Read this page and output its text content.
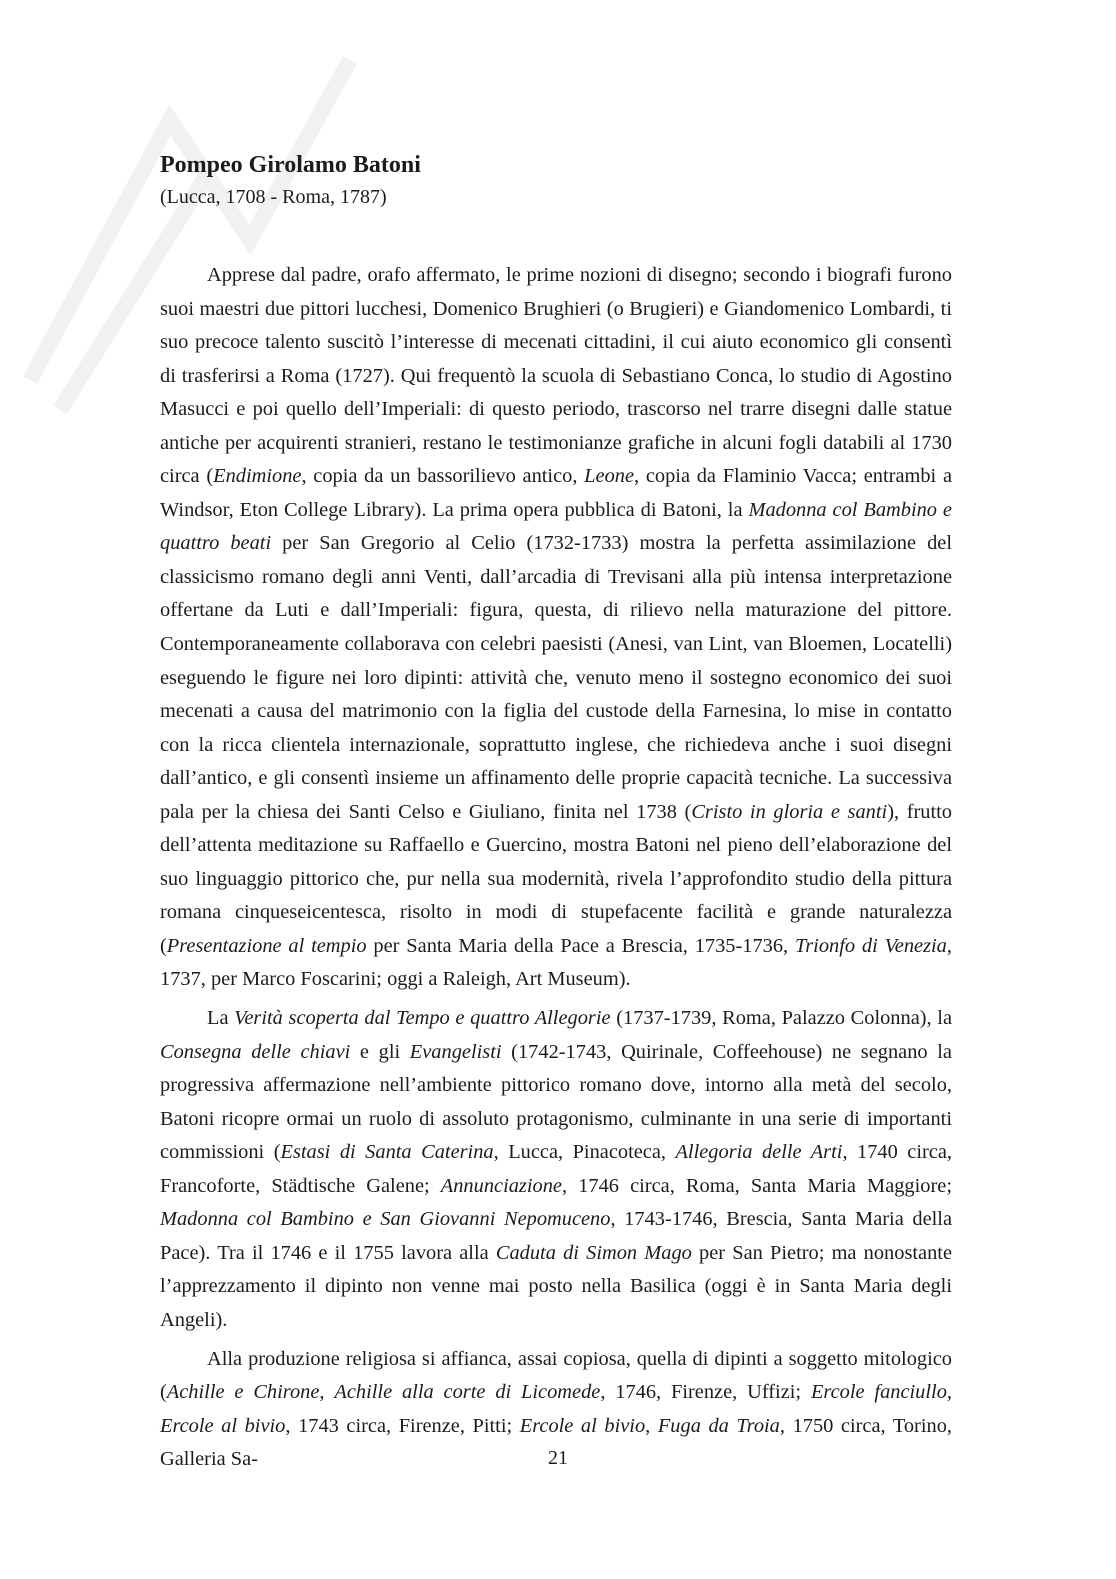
Pompeo Girolamo Batoni

(Lucca, 1708 - Roma, 1787)

Apprese dal padre, orafo affermato, le prime nozioni di disegno; secondo i biografi furono suoi maestri due pittori lucchesi, Domenico Brughieri (o Brugieri) e Giandomenico Lombardi, ti suo precoce talento suscitò l’interesse di mecenati cittadini, il cui aiuto economico gli consentì di trasferirsi a Roma (1727). Qui frequentò la scuola di Sebastiano Conca, lo studio di Agostino Masucci e poi quello dell’Imperiali: di questo periodo, trascorso nel trarre disegni dalle statue antiche per acquirenti stranieri, restano le testimonianze grafiche in alcuni fogli databili al 1730 circa (Endimione, copia da un bassorilievo antico, Leone, copia da Flaminio Vacca; entrambi a Windsor, Eton College Library). La prima opera pubblica di Batoni, la Madonna col Bambino e quattro beati per San Gregorio al Celio (1732-1733) mostra la perfetta assimilazione del classicismo romano degli anni Venti, dall’arcadia di Trevisani alla più intensa interpretazione offertane da Luti e dall’Imperiali: figura, questa, di rilievo nella maturazione del pittore. Contemporaneamente collaborava con celebri paesisti (Anesi, van Lint, van Bloemen, Locatelli) eseguendo le figure nei loro dipinti: attività che, venuto meno il sostegno economico dei suoi mecenati a causa del matrimonio con la figlia del custode della Farnesina, lo mise in contatto con la ricca clientela internazionale, soprattutto inglese, che richiedeva anche i suoi disegni dall’antico, e gli consentì insieme un affinamento delle proprie capacità tecniche. La successiva pala per la chiesa dei Santi Celso e Giuliano, finita nel 1738 (Cristo in gloria e santi), frutto dell’attenta meditazione su Raffaello e Guercino, mostra Batoni nel pieno dell’elaborazione del suo linguaggio pittorico che, pur nella sua modernità, rivela l’approfondito studio della pittura romana cinqueseicentesca, risolto in modi di stupefacente facilità e grande naturalezza (Presentazione al tempio per Santa Maria della Pace a Brescia, 1735-1736, Trionfo di Venezia, 1737, per Marco Foscarini; oggi a Raleigh, Art Museum).

La Verità scoperta dal Tempo e quattro Allegorie (1737-1739, Roma, Palazzo Colonna), la Consegna delle chiavi e gli Evangelisti (1742-1743, Quirinale, Coffeehouse) ne segnano la progressiva affermazione nell’ambiente pittorico romano dove, intorno alla metà del secolo, Batoni ricopre ormai un ruolo di assoluto protagonismo, culminante in una serie di importanti commissioni (Estasi di Santa Caterina, Lucca, Pinacoteca, Allegoria delle Arti, 1740 circa, Francoforte, Städtische Galene; Annunciazione, 1746 circa, Roma, Santa Maria Maggiore; Madonna col Bambino e San Giovanni Nepomuceno, 1743-1746, Brescia, Santa Maria della Pace). Tra il 1746 e il 1755 lavora alla Caduta di Simon Mago per San Pietro; ma nonostante l’apprezzamento il dipinto non venne mai posto nella Basilica (oggi è in Santa Maria degli Angeli).

Alla produzione religiosa si affianca, assai copiosa, quella di dipinti a soggetto mitologico (Achille e Chirone, Achille alla corte di Licomede, 1746, Firenze, Uffizi; Ercole fanciullo, Ercole al bivio, 1743 circa, Firenze, Pitti; Ercole al bivio, Fuga da Troia, 1750 circa, Torino, Galleria Sa-	21
